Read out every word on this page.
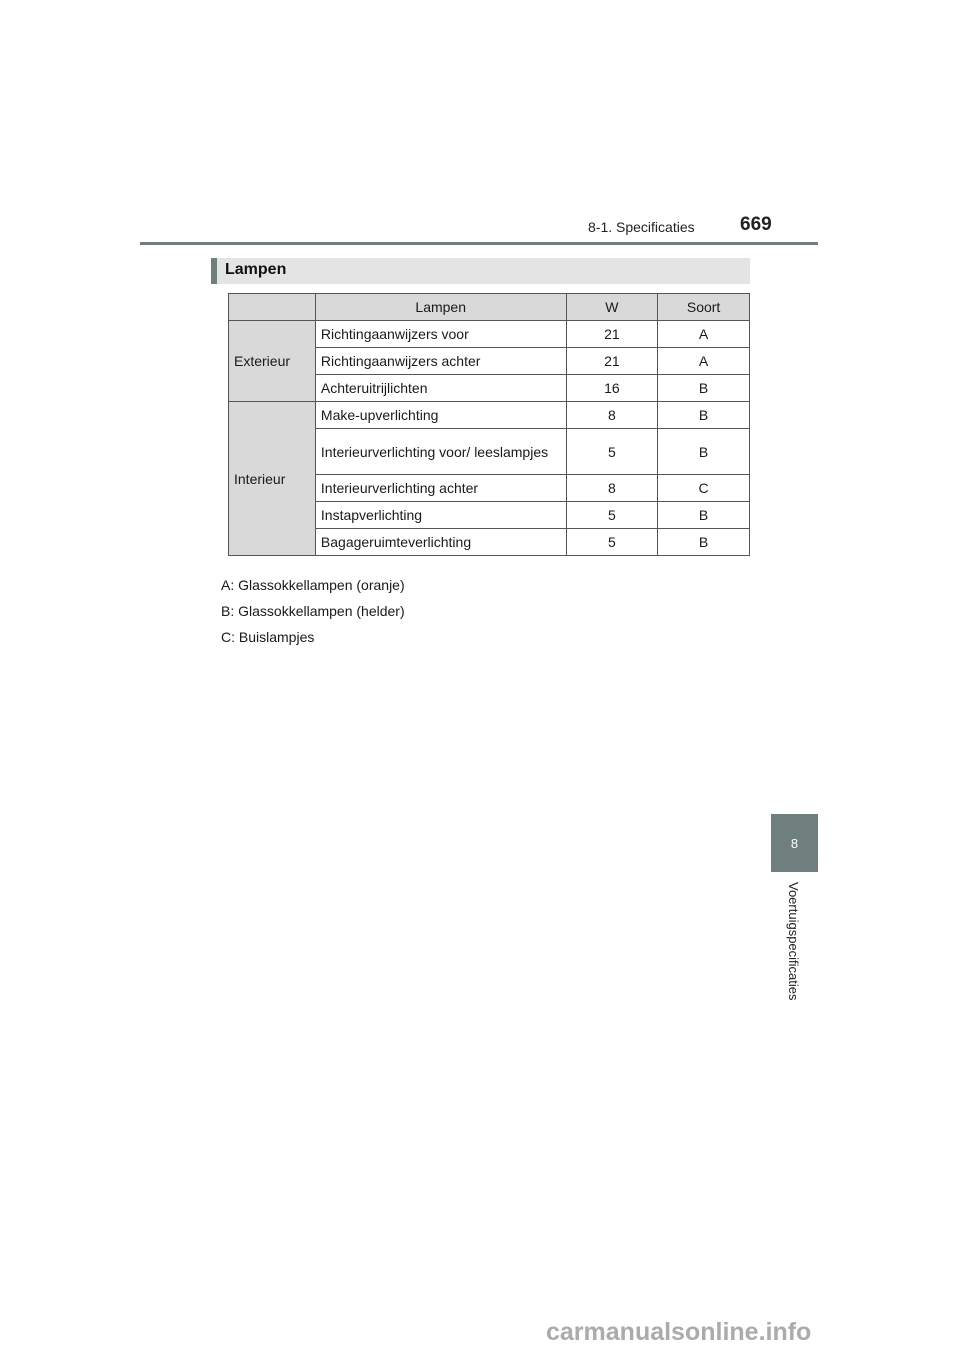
8-1. Specificaties 669
Lampen
	Lampen	W	Soort
Exterieur	Richtingaanwijzers voor	21	A
	Richtingaanwijzers achter	21	A
	Achteruitrijlichten	16	B
Interieur	Make-upverlichting	8	B
	Interieurverlichting voor/ leeslampjes	5	B
	Interieurverlichting achter	8	C
	Instapverlichting	5	B
	Bagageruimteverlichting	5	B
A: Glassokkellampen (oranje)
B: Glassokkellampen (helder)
C: Buislampjes
8
Voertuigspecificaties
carmanualsonline.info
